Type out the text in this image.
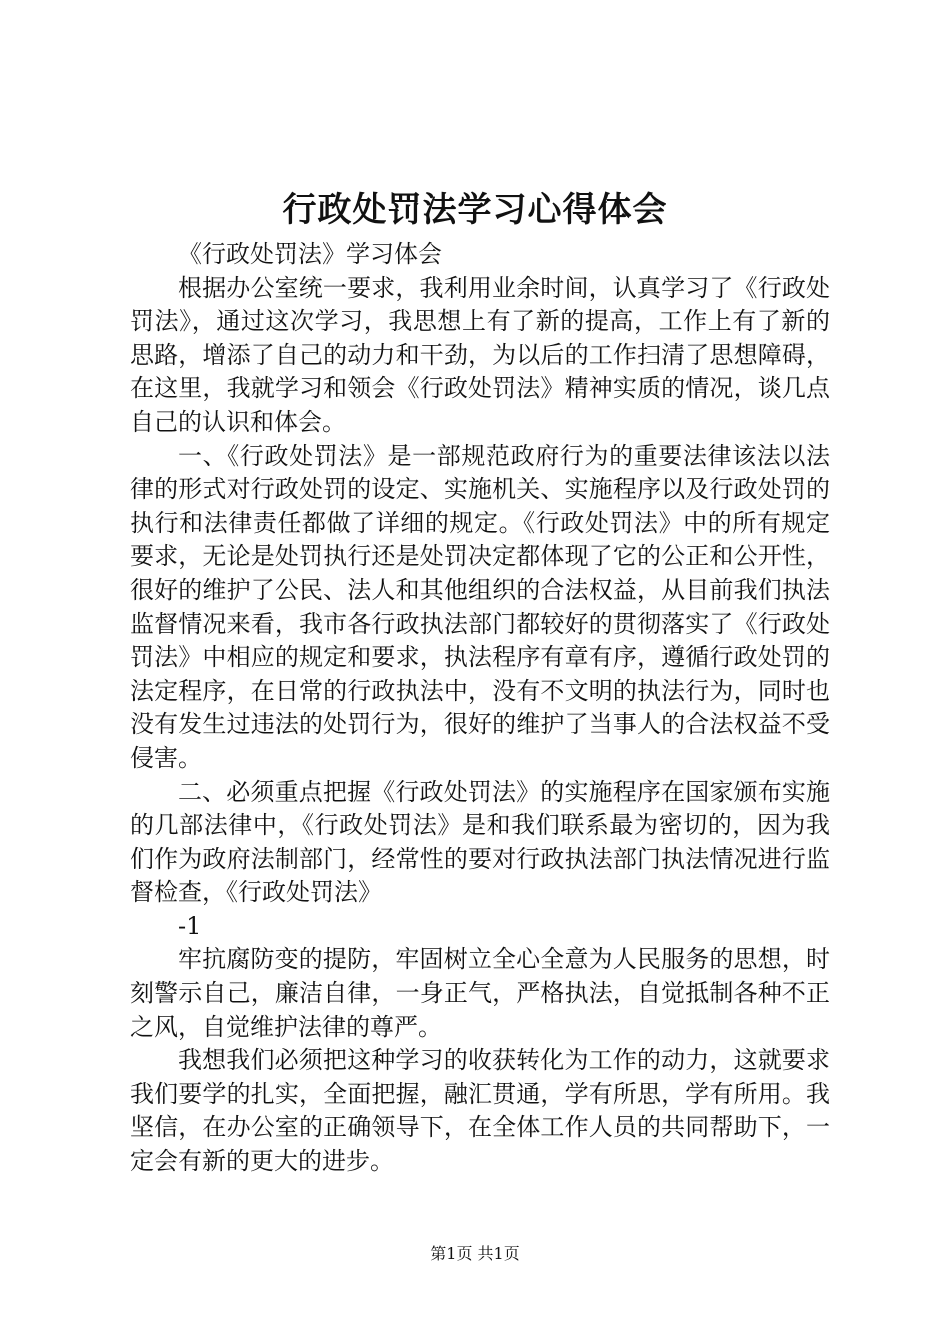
行政处罚法学习心得体会

《行政处罚法》学习体会

根据办公室统一要求，我利用业余时间，认真学习了《行政处罚法》，通过这次学习，我思想上有了新的提高，工作上有了新的思路，增添了自己的动力和干劲，为以后的工作扫清了思想障碍，在这里，我就学习和领会《行政处罚法》精神实质的情况，谈几点自己的认识和体会。

一、《行政处罚法》是一部规范政府行为的重要法律该法以法律的形式对行政处罚的设定、实施机关、实施程序以及行政处罚的执行和法律责任都做了详细的规定。《行政处罚法》中的所有规定要求，无论是处罚执行还是处罚决定都体现了它的公正和公开性，很好的维护了公民、法人和其他组织的合法权益，从目前我们执法监督情况来看，我市各行政执法部门都较好的贯彻落实了《行政处罚法》中相应的规定和要求，执法程序有章有序，遵循行政处罚的法定程序，在日常的行政执法中，没有不文明的执法行为，同时也没有发生过违法的处罚行为，很好的维护了当事人的合法权益不受侵害。

二、必须重点把握《行政处罚法》的实施程序在国家颁布实施的几部法律中，《行政处罚法》是和我们联系最为密切的，因为我们作为政府法制部门，经常性的要对行政执法部门执法情况进行监督检查，《行政处罚法》

-1

牢抗腐防变的提防，牢固树立全心全意为人民服务的思想，时刻警示自己，廉洁自律，一身正气，严格执法，自觉抵制各种不正之风，自觉维护法律的尊严。

我想我们必须把这种学习的收获转化为工作的动力，这就要求我们要学的扎实，全面把握，融汇贯通，学有所思，学有所用。我坚信，在办公室的正确领导下，在全体工作人员的共同帮助下，一定会有新的更大的进步。

第1页 共1页
